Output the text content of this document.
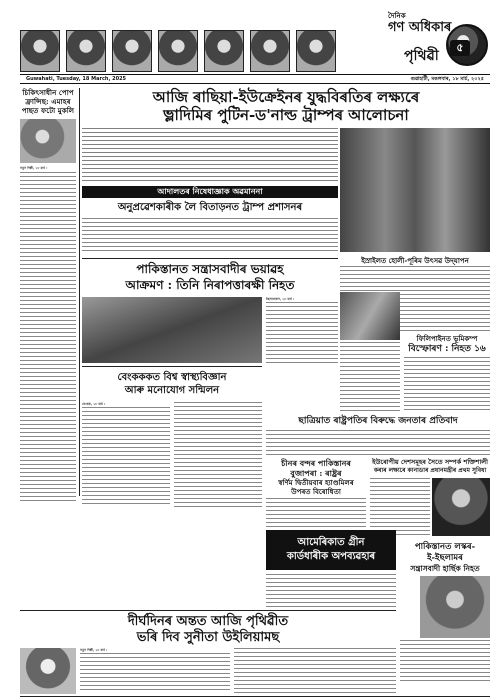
দৈনিক
গণ অধিকাৰ
পৃথিৱী
৫
Guwahati, Tuesday, 18 March, 2025	গুৱাহাটী, মঙলবাৰ, ১৮ মাৰ্চ, ২০২৫
চিকিৎসাধীন পোপ ফ্ৰান্সিছ: এমাহৰ পাছত ফটো মুকলি
নতুন দিল্লী, ১৮ মাৰ্চ :
আজি ৰাছিয়া-ইউক্ৰেইনৰ যুদ্ধবিৰতিৰ লক্ষ্যৰে
ভ্লাদিমিৰ পুটিন-ড'নাল্ড ট্ৰাম্পৰ আলোচনা
ইস্ৰাইলত হোলী-পূৰিম উৎসৱ উদ্‌যাপন
আদালতৰ নিষেধাজ্ঞাক অৱমাননা
অনুপ্ৰৱেশকাৰীক লৈ বিতাড়নত ট্ৰাম্প প্ৰশাসনৰ
পাকিস্তানত সন্ত্ৰাসবাদীৰ ভয়াৱহ
আক্ৰমণ : তিনি নিৰাপত্তাৰক্ষী নিহত
ইছলামাবাদ, ১৮ মাৰ্চ :
ফিলিপাইনত ভূমিকম্প
বিস্ফোৰণ : নিহত ১৬
ছাত্ৰিয়াত ৰাষ্ট্ৰপতিৰ বিৰুদ্ধে জনতাৰ প্ৰতিবাদ
বেংকককত বিশ্ব স্বাস্থ্যবিজ্ঞান
আৰু মনোযোগ সন্মিলন
বেংকক, ১৮ মাৰ্চ :
চীনৰ বন্দৰ পাকিস্তানৰ
বুজাপৰা : ৰাষ্ট্ৰৰ
স্বৰ্ণিম দ্বিতীয়বাৰ হ্যাণ্ডমিলৰ
উপৰত বিৰোধিতা
ইউৰোপীয় দেশসমূহৰ সৈতে সম্পৰ্ক শক্তিশালী
কৰাৰ লক্ষ্যৰে কানাডাৰ প্ৰধানমন্ত্ৰীৰ প্ৰথম সুবিধা
আমেৰিকাত গ্ৰীন
কাৰ্ডধাৰীক অপব্যৱহাৰ
পাকিস্তানত লস্কৰ-
ই-ইছলামৰ
সন্ত্ৰাসবাদী হাৰ্ছিক নিহত
দীৰ্ঘদিনৰ অন্তত আজি পৃথিৱীত
ভৰি দিব সুনীতা উইলিয়ামছ
নতুন দিল্লী, ১৮ মাৰ্চ :
